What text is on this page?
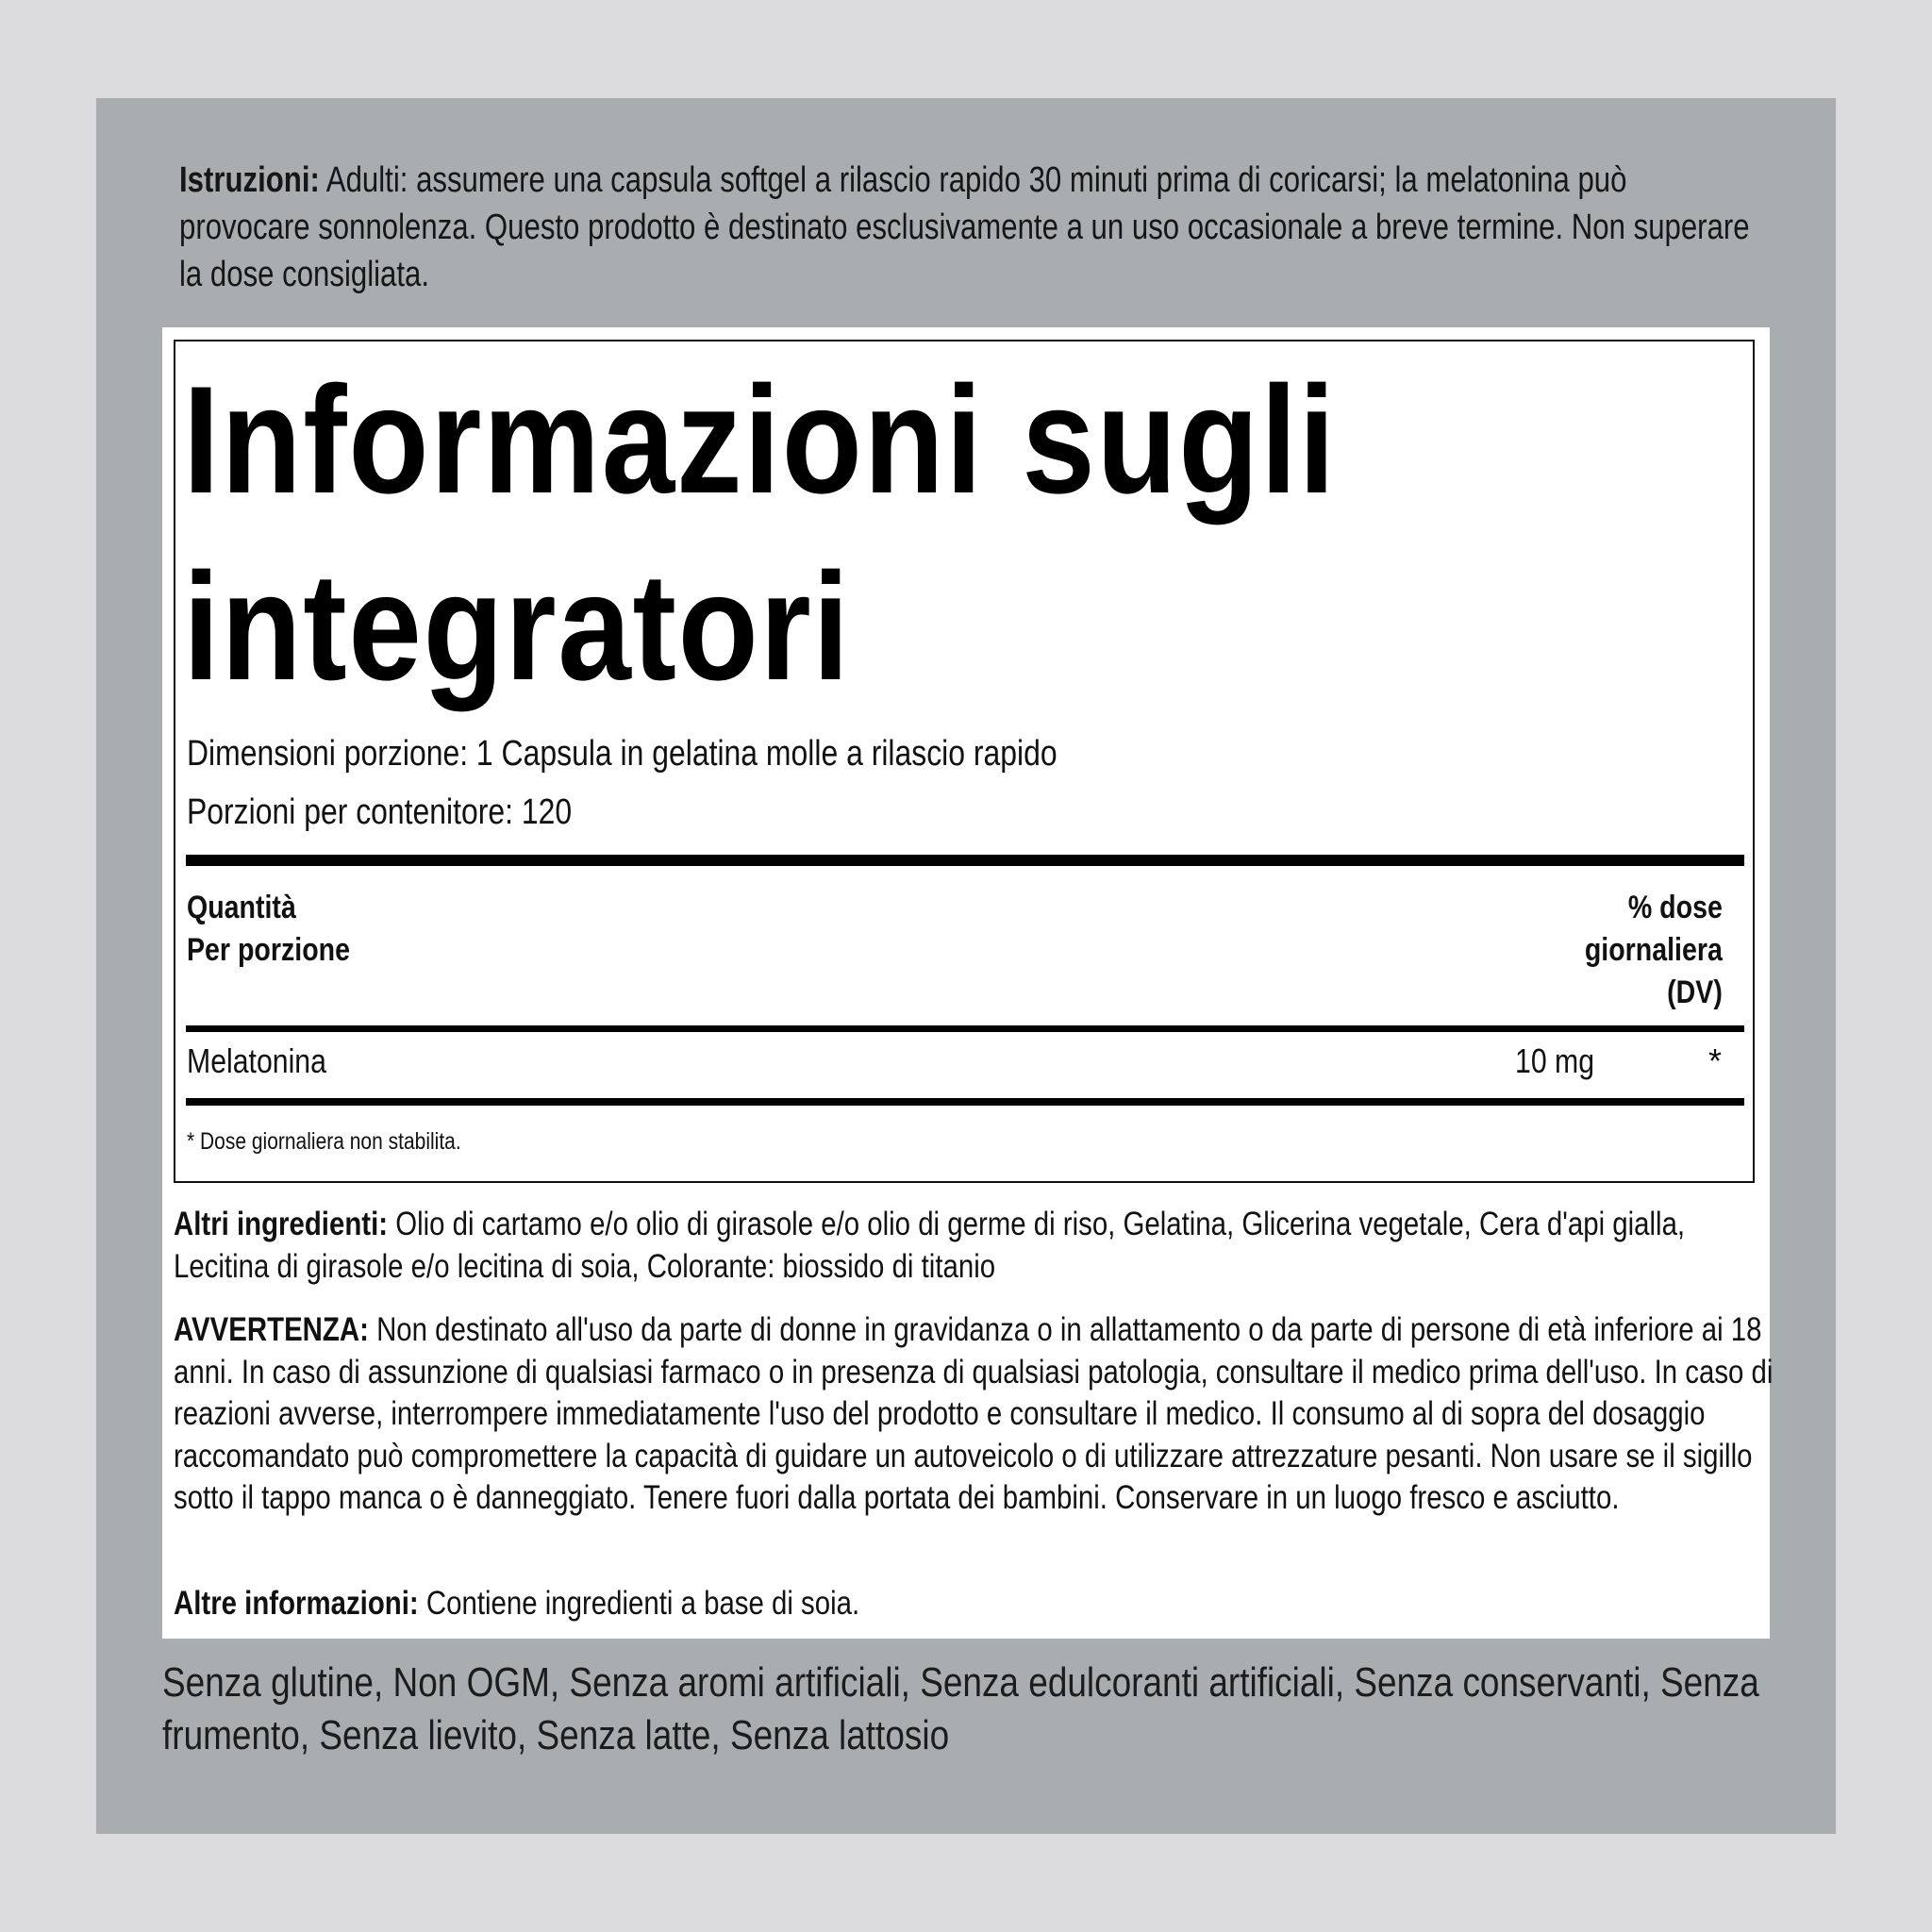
Istruzioni: Adulti: assumere una capsula softgel a rilascio rapido 30 minuti prima di coricarsi; la melatonina può provocare sonnolenza. Questo prodotto è destinato esclusivamente a un uso occasionale a breve termine. Non superare la dose consigliata.
Informazioni sugli integratori
Dimensioni porzione: 1 Capsula in gelatina molle a rilascio rapido
Porzioni per contenitore: 120
Quantità
Per porzione
% dose
giornaliera
(DV)
Melatonina	10 mg	*
* Dose giornaliera non stabilita.
Altri ingredienti: Olio di cartamo e/o olio di girasole e/o olio di germe di riso, Gelatina, Glicerina vegetale, Cera d'api gialla, Lecitina di girasole e/o lecitina di soia, Colorante: biossido di titanio
AVVERTENZA: Non destinato all'uso da parte di donne in gravidanza o in allattamento o da parte di persone di età inferiore ai 18 anni. In caso di assunzione di qualsiasi farmaco o in presenza di qualsiasi patologia, consultare il medico prima dell'uso. In caso di reazioni avverse, interrompere immediatamente l'uso del prodotto e consultare il medico. Il consumo al di sopra del dosaggio raccomandato può compromettere la capacità di guidare un autoveicolo o di utilizzare attrezzature pesanti. Non usare se il sigillo sotto il tappo manca o è danneggiato. Tenere fuori dalla portata dei bambini. Conservare in un luogo fresco e asciutto.
Altre informazioni: Contiene ingredienti a base di soia.
Senza glutine, Non OGM, Senza aromi artificiali, Senza edulcoranti artificiali, Senza conservanti, Senza frumento, Senza lievito, Senza latte, Senza lattosio
